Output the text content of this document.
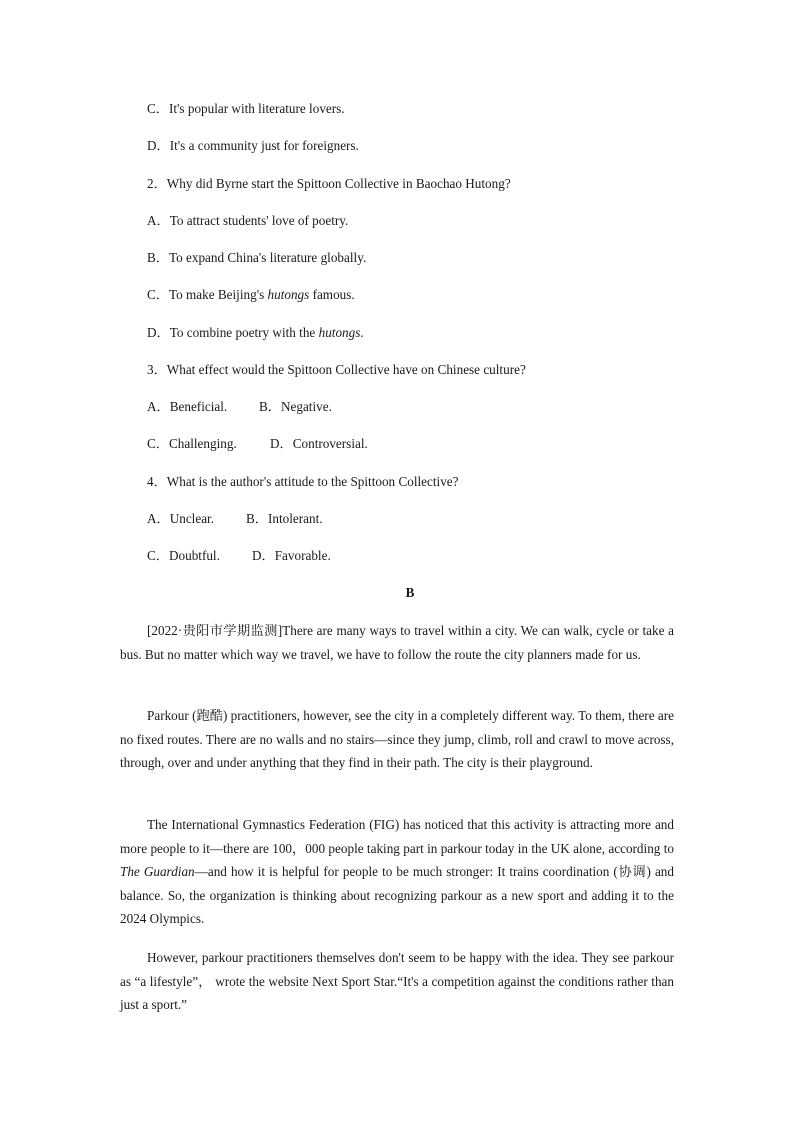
C．It's popular with literature lovers.
D．It's a community just for foreigners.
2．Why did Byrne start the Spittoon Collective in Baochao Hutong?
A．To attract students' love of poetry.
B．To expand China's literature globally.
C．To make Beijing's hutongs famous.
D．To combine poetry with the hutongs.
3．What effect would the Spittoon Collective have on Chinese culture?
A．Beneficial. B．Negative.
C．Challenging.	D．Controversial.
4．What is the author's attitude to the Spittoon Collective?
A．Unclear. B．Intolerant.
C．Doubtful. D．Favorable.
B
[2022·贵阳市学期监测]There are many ways to travel within a city. We can walk, cycle or take a bus. But no matter which way we travel, we have to follow the route the city planners made for us.
Parkour (跑酷) practitioners, however, see the city in a completely different way. To them, there are no fixed routes. There are no walls and no stairs—since they jump, climb, roll and crawl to move across, through, over and under anything that they find in their path. The city is their playground.
The International Gymnastics Federation (FIG) has noticed that this activity is attracting more and more people to it—there are 100，000 people taking part in parkour today in the UK alone, according to The Guardian—and how it is helpful for people to be much stronger: It trains coordination (协调) and balance. So, the organization is thinking about recognizing parkour as a new sport and adding it to the 2024 Olympics.
However, parkour practitioners themselves don't seem to be happy with the idea. They see parkour as “a lifestyle”， wrote the website Next Sport Star.“It's a competition against the conditions rather than just a sport.”
